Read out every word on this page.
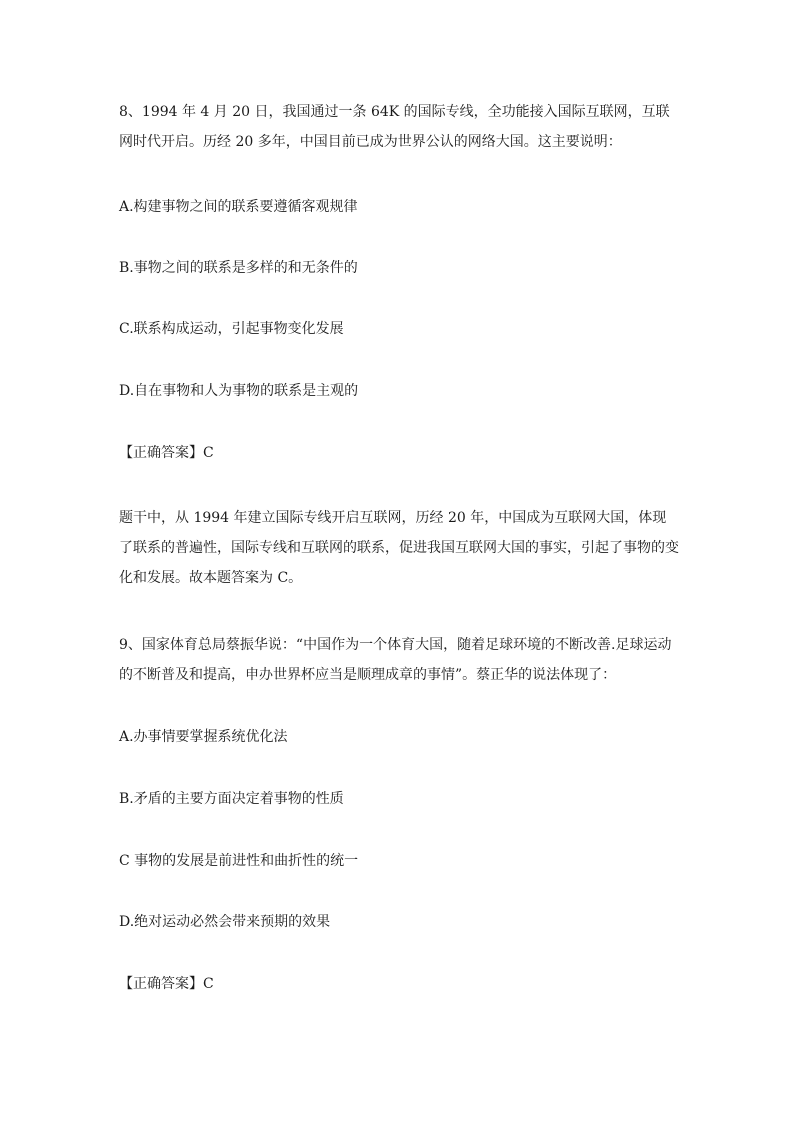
8、1994 年 4 月 20 日，我国通过一条 64K 的国际专线，全功能接入国际互联网，互联网时代开启。历经 20 多年，中国目前已成为世界公认的网络大国。这主要说明：

A.构建事物之间的联系要遵循客观规律

B.事物之间的联系是多样的和无条件的

C.联系构成运动，引起事物变化发展

D.自在事物和人为事物的联系是主观的

【正确答案】C

题干中，从 1994 年建立国际专线开启互联网，历经 20 年，中国成为互联网大国，体现了联系的普遍性，国际专线和互联网的联系，促进我国互联网大国的事实，引起了事物的变化和发展。故本题答案为 C。

9、国家体育总局蔡振华说：“中国作为一个体育大国，随着足球环境的不断改善.足球运动的不断普及和提高，申办世界杯应当是顺理成章的事情”。蔡正华的说法体现了：

A.办事情要掌握系统优化法

B.矛盾的主要方面决定着事物的性质

C 事物的发展是前进性和曲折性的统一

D.绝对运动必然会带来预期的效果

【正确答案】C
